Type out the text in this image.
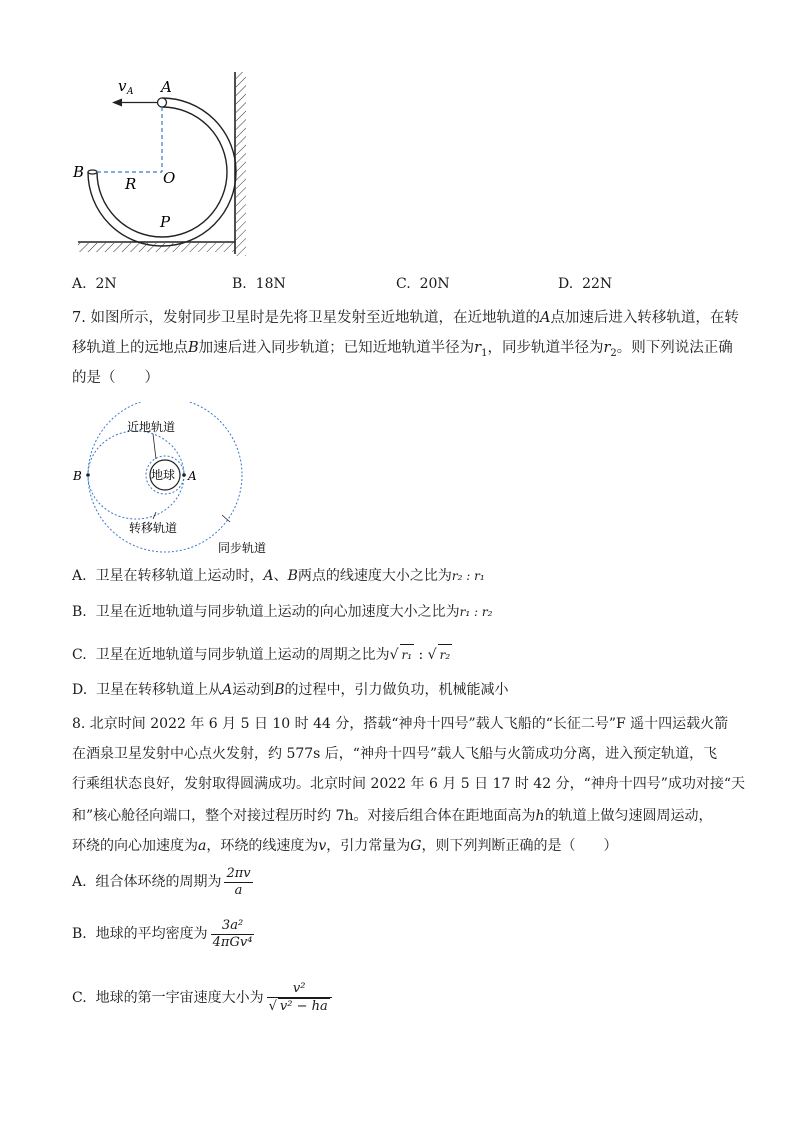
v A A
B
R O
P
A. 2N	B. 18N	C. 20N	D. 22N
7. 如图所示，发射同步卫星时是先将卫星发射至近地轨道，在近地轨道的A点加速后进入转移轨道，在转
移轨道上的远地点B加速后进入同步轨道；已知近地轨道半径为$r_1$，同步轨道半径为$r_2$。则下列说法正确
的是（　　）
近地轨道
地球 A
B
转移轨道
同步轨道
A. 卫星在转移轨道上运动时，A、B两点的线速度大小之比为r₂ : r₁
B. 卫星在近地轨道与同步轨道上运动的向心加速度大小之比为r₁ : r₂
C. 卫星在近地轨道与同步轨道上运动的周期之比为√ r₁ : √ r₂
D. 卫星在转移轨道上从A运动到B的过程中，引力做负功，机械能减小
8. 北京时间 2022 年 6 月 5 日 10 时 44 分，搭载“神舟十四号”载人飞船的“长征二号”F 遥十四运载火箭
在酒泉卫星发射中心点火发射，约 577s 后，“神舟十四号”载人飞船与火箭成功分离，进入预定轨道，飞
行乘组状态良好，发射取得圆满成功。北京时间 2022 年 6 月 5 日 17 时 42 分，“神舟十四号”成功对接“天
和”核心舱径向端口，整个对接过程历时约 7h。对接后组合体在距地面高为h的轨道上做匀速圆周运动，
环绕的向心加速度为a，环绕的线速度为v，引力常量为G，则下列判断正确的是（　　）
A. 组合体环绕的周期为 $\frac{2\pi v}{a}$
B. 地球的平均密度为 $\frac{\text{3a²}}{\text{4πGv⁴}}$
C. 地球的第一宇宙速度大小为 $\frac{\text{v²}}{\text{√ v² − ha}}$
